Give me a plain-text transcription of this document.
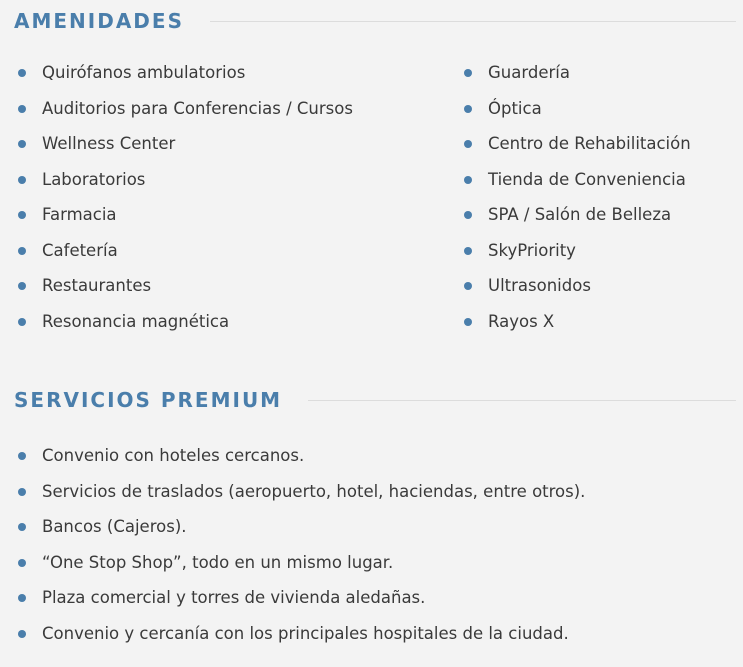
AMENIDADES
Quirófanos ambulatorios
Auditorios para Conferencias / Cursos
Wellness Center
Laboratorios
Farmacia
Cafetería
Restaurantes
Resonancia magnética
Guardería
Óptica
Centro de Rehabilitación
Tienda de Conveniencia
SPA / Salón de Belleza
SkyPriority
Ultrasonidos
Rayos X
SERVICIOS PREMIUM
Convenio con hoteles cercanos.
Servicios de traslados (aeropuerto, hotel, haciendas, entre otros).
Bancos (Cajeros).
“One Stop Shop”, todo en un mismo lugar.
Plaza comercial y torres de vivienda aledañas.
Convenio y cercanía con los principales hospitales de la ciudad.
